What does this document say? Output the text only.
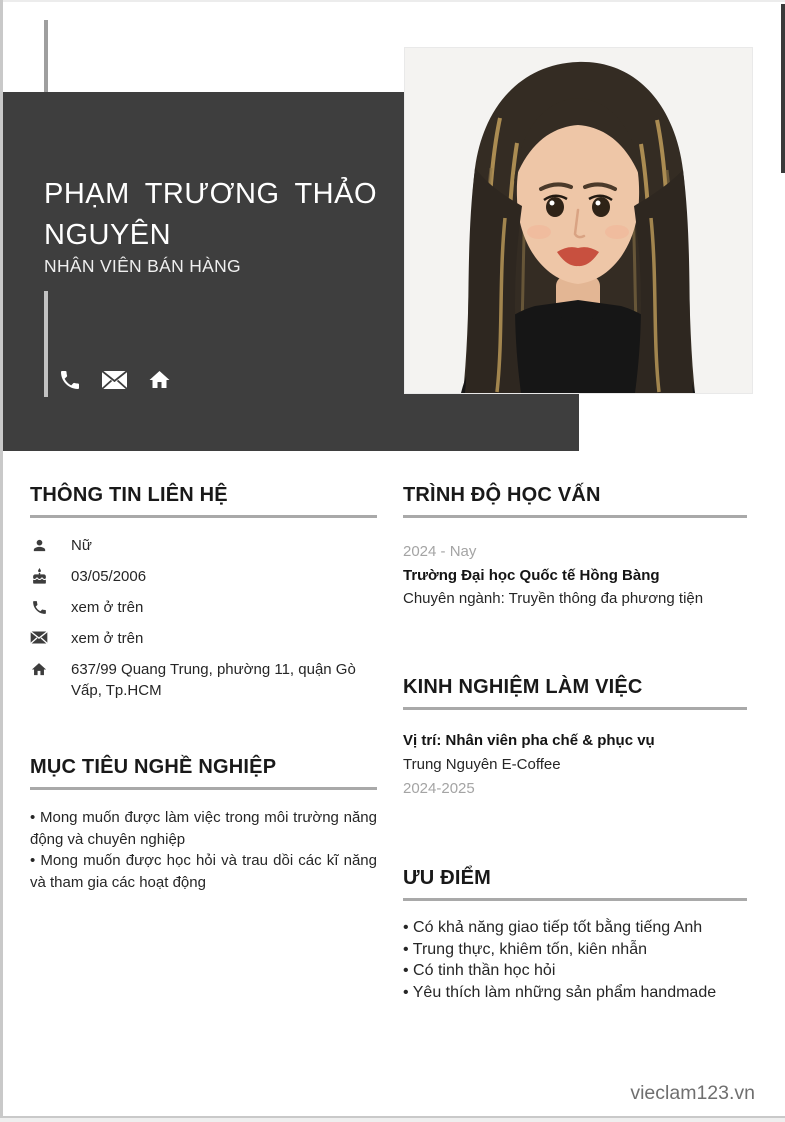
PHẠM TRƯƠNG THẢO
NGUYÊN
NHÂN VIÊN BÁN HÀNG
THÔNG TIN LIÊN HỆ
Nữ
03/05/2006
xem ở trên
xem ở trên
637/99 Quang Trung, phường 11, quận Gò Vấp, Tp.HCM
MỤC TIÊU NGHỀ NGHIỆP

• Mong muốn được làm việc trong môi trường năng động và chuyên nghiệp

• Mong muốn được học hỏi và trau dồi các kĩ năng và tham gia các hoạt động

TRÌNH ĐỘ HỌC VẤN
2024 - Nay
Trường Đại học Quốc tế Hồng Bàng
Chuyên ngành: Truyền thông đa phương tiện
KINH NGHIỆM LÀM VIỆC
Vị trí: Nhân viên pha chế & phục vụ
Trung Nguyên E-Coffee
2024-2025
ƯU ĐIỂM

• Có khả năng giao tiếp tốt bằng tiếng Anh

• Trung thực, khiêm tốn, kiên nhẫn

• Có tinh thần học hỏi

• Yêu thích làm những sản phẩm handmade

vieclam123.vn
